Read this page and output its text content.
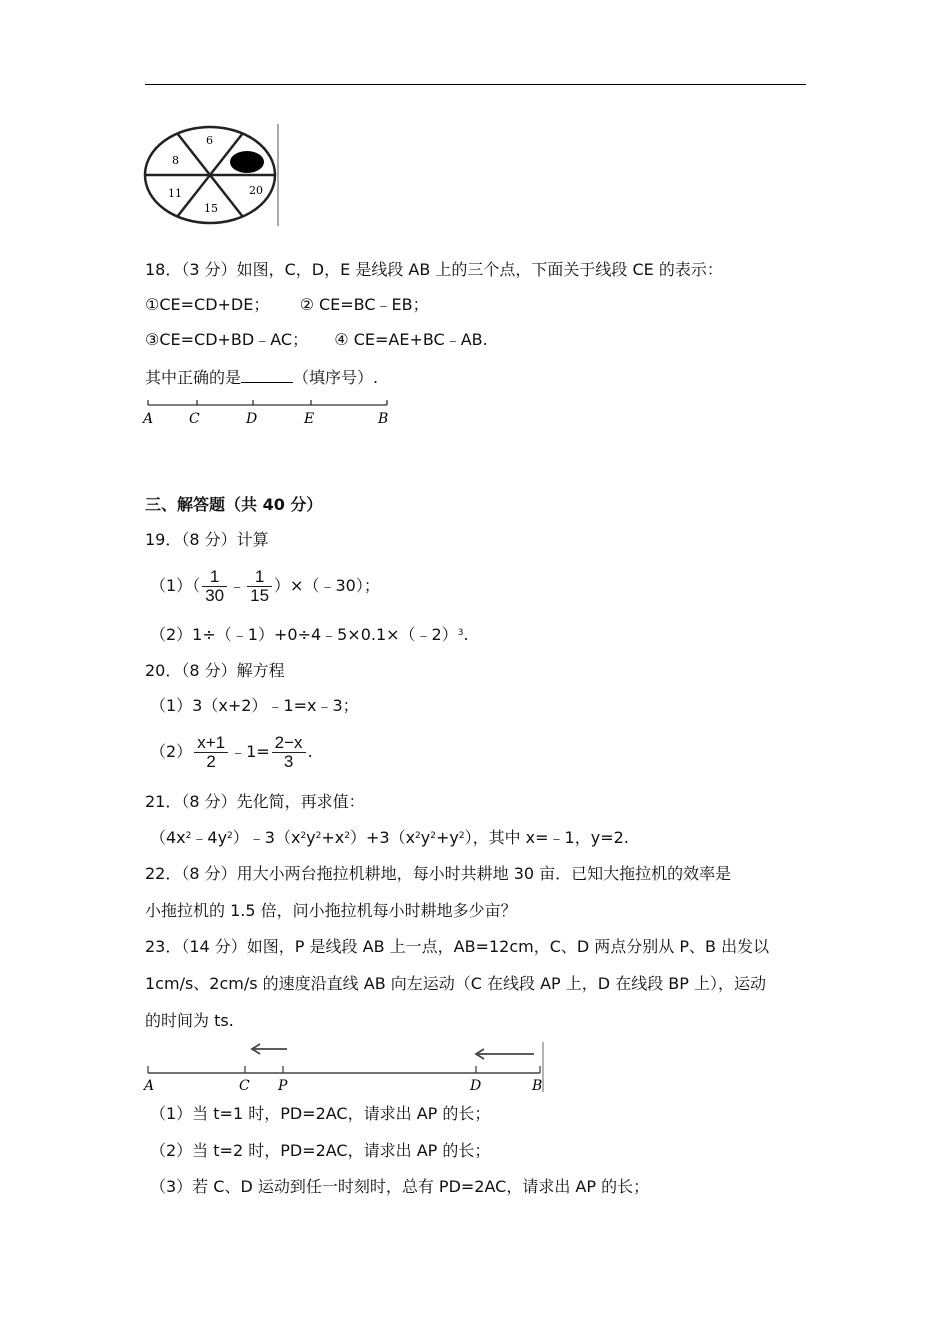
6
8
11
15
20
18．（3 分）如图，C，D，E 是线段 AB 上的三个点，下面关于线段 CE 的表示：
①CE=CD+DE； ② CE=BC﹣EB；
③CE=CD+BD﹣AC； ④ CE=AE+BC﹣AB.
其中正确的是	（填序号）.
A	C	D	E	B
三、解答题（共 40 分）
19．（8 分）计算
$(1)( \frac{1}{30}$ ﹣ $\frac{1}{15}$ ）×（﹣30）；
（2）1÷（﹣1）+0÷4﹣5×0.1×（﹣2）$^3$.
20．（8 分）解方程
（1）3（x+2）﹣1=x﹣3；
$(2) \frac{x+1}{2}$ ﹣1= $\frac{2-x}{3}$ .
21．（8 分）先化简，再求值：
$(4x^2﹣4y^2)﹣3(x^2y^2+x^2)+3(x^2y^2+y^2)$，其中 x=﹣1，y=2.
22．（8 分）用大小两台拖拉机耕地，每小时共耕地 30 亩．已知大拖拉机的效率是
小拖拉机的 1.5 倍，问小拖拉机每小时耕地多少亩？
23．（14 分）如图，P 是线段 AB 上一点，AB=12cm，C、D 两点分别从 P、B 出发以
1cm/s、2cm/s 的速度沿直线 AB 向左运动（C 在线段 AP 上，D 在线段 BP 上），运动
的时间为 ts.
A	C P	D	B
（1）当 t=1 时，PD=2AC，请求出 AP 的长；
（2）当 t=2 时，PD=2AC，请求出 AP 的长；
（3）若 C、D 运动到任一时刻时，总有 PD=2AC，请求出 AP 的长；
